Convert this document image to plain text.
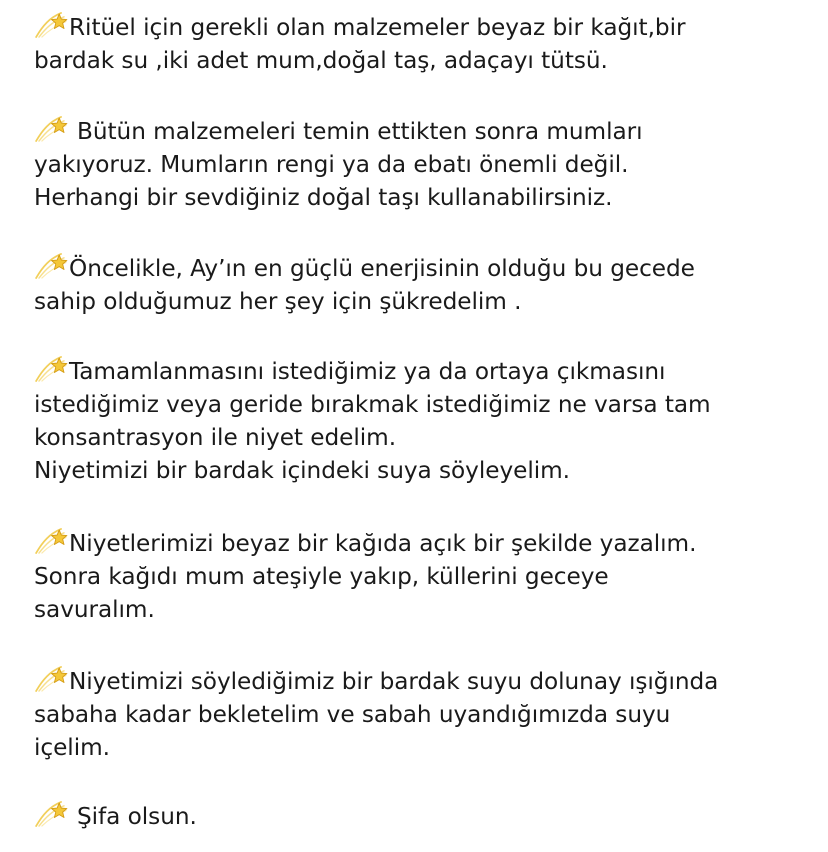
Ritüel için gerekli olan malzemeler beyaz bir kağıt,bir
bardak su ,iki adet mum,doğal taş, adaçayı tütsü.
Bütün malzemeleri temin ettikten sonra mumları
yakıyoruz. Mumların rengi ya da ebatı önemli değil.
Herhangi bir sevdiğiniz doğal taşı kullanabilirsiniz.
Öncelikle, Ay’ın en güçlü enerjisinin olduğu bu gecede
sahip olduğumuz her şey için şükredelim .
Tamamlanmasını istediğimiz ya da ortaya çıkmasını
istediğimiz veya geride bırakmak istediğimiz ne varsa tam
konsantrasyon ile niyet edelim.
Niyetimizi bir bardak içindeki suya söyleyelim.
Niyetlerimizi beyaz bir kağıda açık bir şekilde yazalım.
Sonra kağıdı mum ateşiyle yakıp, küllerini geceye
savuralım.
Niyetimizi söylediğimiz bir bardak suyu dolunay ışığında
sabaha kadar bekletelim ve sabah uyandığımızda suyu
içelim.
Şifa olsun.
